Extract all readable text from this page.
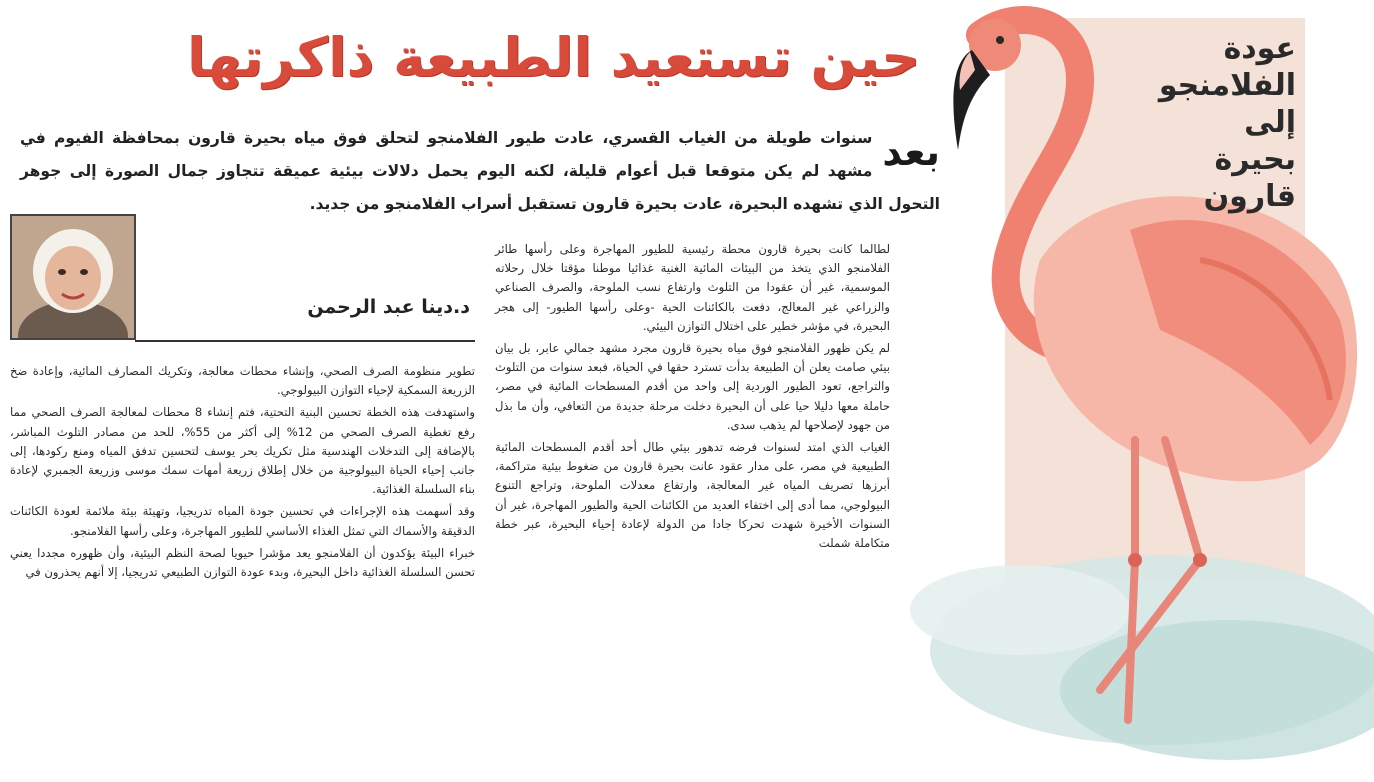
عودة الفلامنجو إلى بحيرة قارون
حين تستعيد الطبيعة ذاكرتها
بعد
سنوات طويلة من الغياب القسري، عادت طيور الفلامنجو لتحلق فوق مياه بحيرة قارون بمحافظة الفيوم في مشهد لم يكن متوقعا قبل أعوام قليلة، لكنه اليوم يحمل دلالات بيئية عميقة تتجاوز جمال الصورة إلى جوهر التحول الذي تشهده البحيرة، عادت بحيرة قارون تستقبل أسراب الفلامنجو من جديد.
د.دينا عبد الرحمن

لطالما كانت بحيرة قارون محطة رئيسية للطيور المهاجرة وعلى رأسها طائر الفلامنجو الذي يتخذ من البيئات المائية الغنية غذائيا موطنا مؤقتا خلال رحلاته الموسمية، غير أن عقودا من التلوث وارتفاع نسب الملوحة، والصرف الصناعي والزراعي غير المعالج، دفعت بالكائنات الحية -وعلى رأسها الطيور- إلى هجر البحيرة، في مؤشر خطير على اختلال التوازن البيئي.

لم يكن ظهور الفلامنجو فوق مياه بحيرة قارون مجرد مشهد جمالي عابر، بل بيان بيئي صامت يعلن أن الطبيعة بدأت تسترد حقها في الحياة، فبعد سنوات من التلوث والتراجع، تعود الطيور الوردية إلى واحد من أقدم المسطحات المائية في مصر، حاملة معها دليلا حيا على أن البحيرة دخلت مرحلة جديدة من التعافي، وأن ما بذل من جهود لإصلاحها لم يذهب سدى.

الغياب الذي امتد لسنوات فرضه تدهور بيئي طال أحد أقدم المسطحات المائية الطبيعية في مصر، على مدار عقود عانت بحيرة قارون من ضغوط بيئية متراكمة، أبرزها تصريف المياه غير المعالجة، وارتفاع معدلات الملوحة، وتراجع التنوع البيولوجي، مما أدى إلى اختفاء العديد من الكائنات الحية والطيور المهاجرة، غير أن السنوات الأخيرة شهدت تحركا جادا من الدولة لإعادة إحياء البحيرة، عبر خطة متكاملة شملت

تطوير منظومة الصرف الصحي، وإنشاء محطات معالجة، وتكريك المصارف المائية، وإعادة ضخ الزريعة السمكية لإحياء التوازن البيولوجي.

واستهدفت هذه الخطة تحسين البنية التحتية، فتم إنشاء 8 محطات لمعالجة الصرف الصحي مما رفع تغطية الصرف الصحي من 12% إلى أكثر من 55%، للحد من مصادر التلوث المباشر، بالإضافة إلى التدخلات الهندسية مثل تكريك بحر يوسف لتحسين تدفق المياه ومنع ركودها، إلى جانب إحياء الحياة البيولوجية من خلال إطلاق زريعة أمهات سمك موسى وزريعة الجمبري لإعادة بناء السلسلة الغذائية.

وقد أسهمت هذه الإجراءات في تحسين جودة المياه تدريجيا، وتهيئة بيئة ملائمة لعودة الكائنات الدقيقة والأسماك التي تمثل الغذاء الأساسي للطيور المهاجرة، وعلى رأسها الفلامنجو.

خبراء البيئة يؤكدون أن الفلامنجو يعد مؤشرا حيويا لصحة النظم البيئية، وأن ظهوره مجددا يعني تحسن السلسلة الغذائية داخل البحيرة، وبدء عودة التوازن الطبيعي تدريجيا، إلا أنهم يحذرون في
